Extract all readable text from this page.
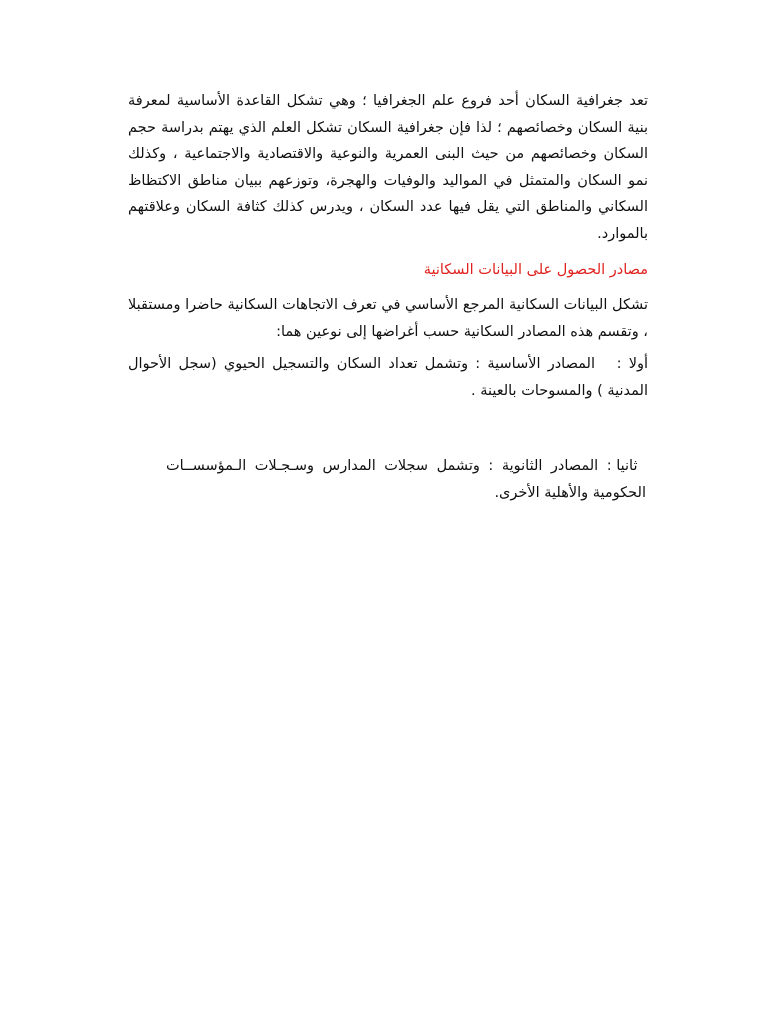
تعد جغرافية السكان أحد فروع علم الجغرافيا ؛ وهي تشكل القاعدة الأساسية لمعرفة بنية السكان وخصائصهم ؛ لذا فإن جغرافية السكان تشكل العلم الذي يهتم بدراسة حجم السكان وخصائصهم من حيث البنى العمرية والنوعية والاقتصادية والاجتماعية ، وكذلك نمو السكان والمتمثل في المواليد والوفيات والهجرة، وتوزعهم ببيان مناطق الاكتظاظ السكاني والمناطق التي يقل فيها عدد السكان ، ويدرس كذلك كثافة السكان وعلاقتهم بالموارد.

مصادر الحصول على البيانات السكانية

تشكل البيانات السكانية المرجع الأساسي في تعرف الاتجاهات السكانية حاضرا ومستقبلا ، وتقسم هذه المصادر السكانية حسب أغراضها إلى نوعين هما:

أولا :   المصادر الأساسية : وتشمل تعداد السكان والتسجيل الحيوي (سجل الأحوال المدنية ) والمسوحات بالعينة .

ثانيا : المصادر الثانوية : وتشمل سجلات المدارس وسـجـلات الـمؤسســات الحكومية والأهلية الأخرى.
